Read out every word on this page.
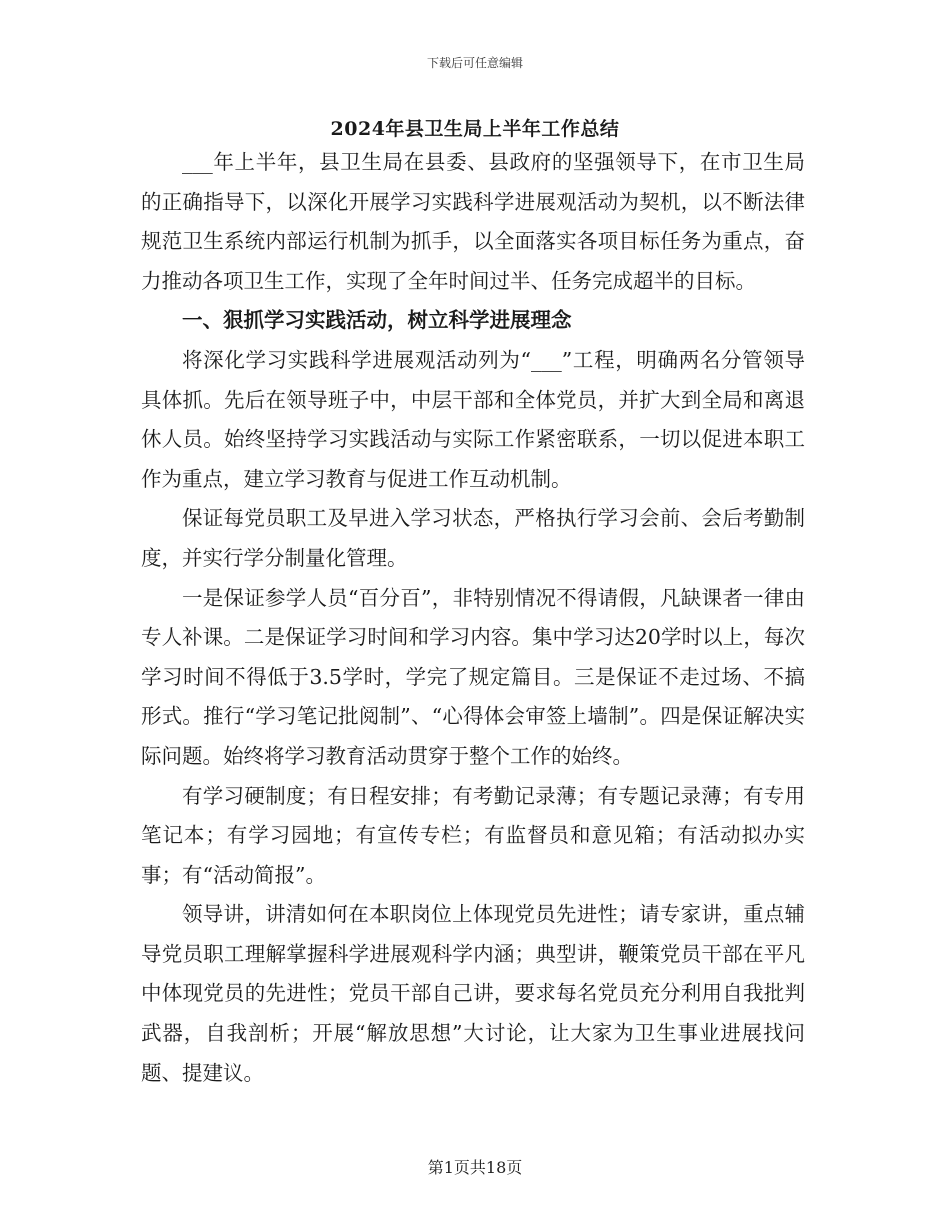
下载后可任意编辑
2024年县卫生局上半年工作总结

___年上半年，县卫生局在县委、县政府的坚强领导下，在市卫生局的正确指导下，以深化开展学习实践科学进展观活动为契机，以不断法律规范卫生系统内部运行机制为抓手，以全面落实各项目标任务为重点，奋力推动各项卫生工作，实现了全年时间过半、任务完成超半的目标。

一、狠抓学习实践活动，树立科学进展理念

将深化学习实践科学进展观活动列为“___”工程，明确两名分管领导具体抓。先后在领导班子中，中层干部和全体党员，并扩大到全局和离退休人员。始终坚持学习实践活动与实际工作紧密联系，一切以促进本职工作为重点，建立学习教育与促进工作互动机制。

保证每党员职工及早进入学习状态，严格执行学习会前、会后考勤制度，并实行学分制量化管理。

一是保证参学人员“百分百”，非特别情况不得请假，凡缺课者一律由专人补课。二是保证学习时间和学习内容。集中学习达20学时以上，每次学习时间不得低于3.5学时，学完了规定篇目。三是保证不走过场、不搞形式。推行“学习笔记批阅制”、“心得体会审签上墙制”。四是保证解决实际问题。始终将学习教育活动贯穿于整个工作的始终。

有学习硬制度；有日程安排；有考勤记录薄；有专题记录薄；有专用笔记本；有学习园地；有宣传专栏；有监督员和意见箱；有活动拟办实事；有“活动简报”。

领导讲，讲清如何在本职岗位上体现党员先进性；请专家讲，重点辅导党员职工理解掌握科学进展观科学内涵；典型讲，鞭策党员干部在平凡中体现党员的先进性；党员干部自己讲，要求每名党员充分利用自我批判武器，自我剖析；开展“解放思想”大讨论，让大家为卫生事业进展找问题、提建议。

第1页共18页
